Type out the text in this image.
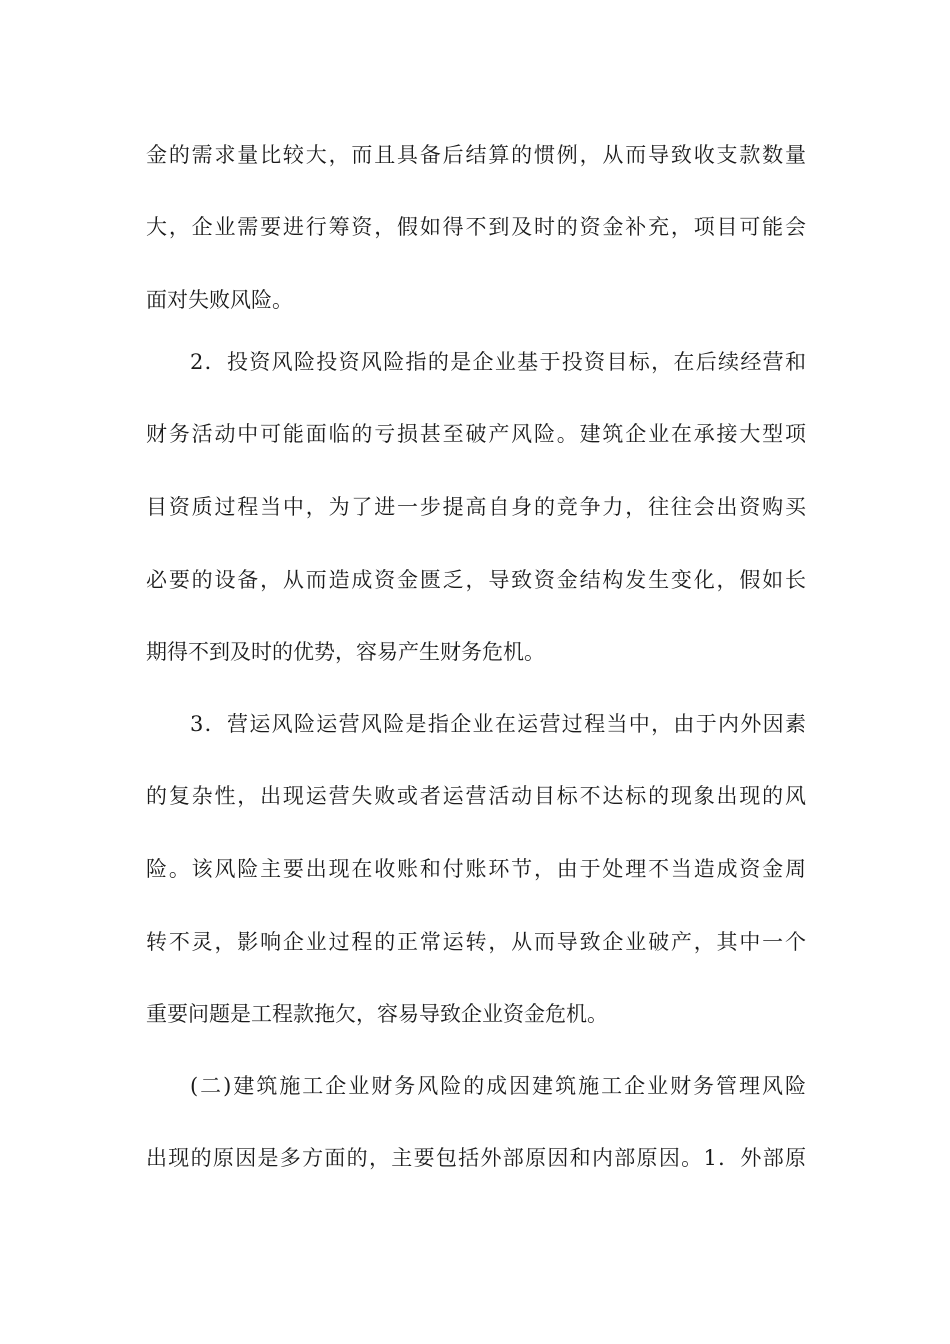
金的需求量比较大，而且具备后结算的惯例，从而导致收支款数量

大，企业需要进行筹资，假如得不到及时的资金补充，项目可能会

面对失败风险。

2．投资风险投资风险指的是企业基于投资目标，在后续经营和

财务活动中可能面临的亏损甚至破产风险。建筑企业在承接大型项

目资质过程当中，为了进一步提高自身的竞争力，往往会出资购买

必要的设备，从而造成资金匮乏，导致资金结构发生变化，假如长

期得不到及时的优势，容易产生财务危机。

3．营运风险运营风险是指企业在运营过程当中，由于内外因素

的复杂性，出现运营失败或者运营活动目标不达标的现象出现的风

险。该风险主要出现在收账和付账环节，由于处理不当造成资金周

转不灵，影响企业过程的正常运转，从而导致企业破产，其中一个

重要问题是工程款拖欠，容易导致企业资金危机。

(二)建筑施工企业财务风险的成因建筑施工企业财务管理风险

出现的原因是多方面的，主要包括外部原因和内部原因。1．外部原
